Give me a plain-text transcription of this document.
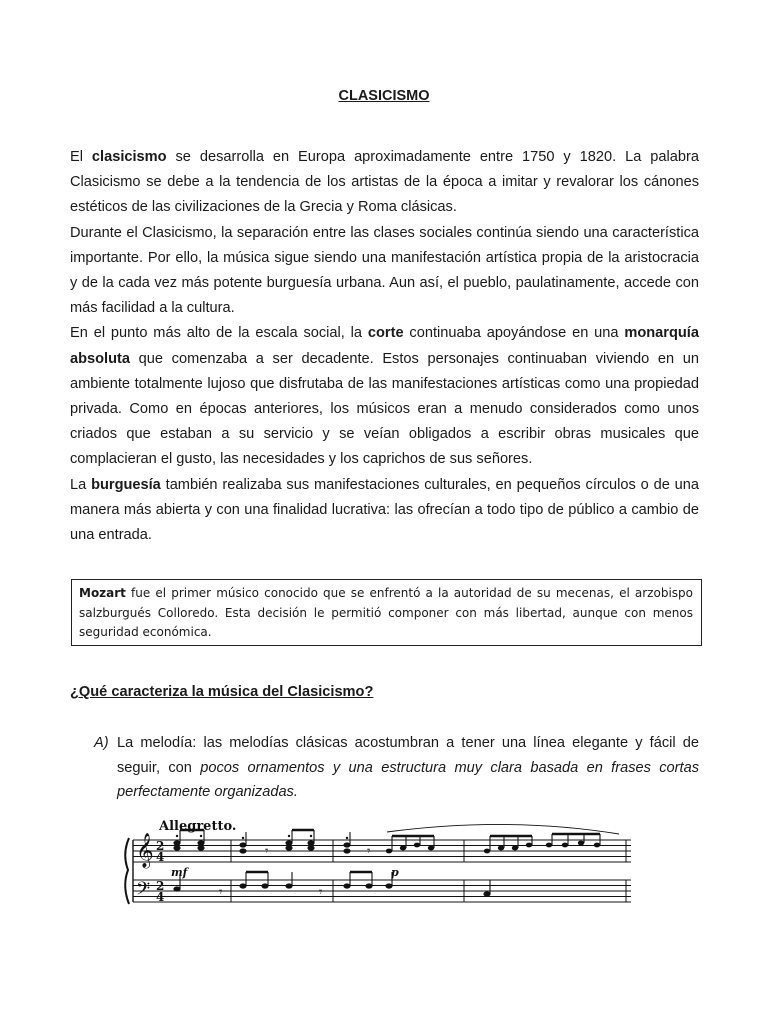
CLASICISMO

El clasicismo se desarrolla en Europa aproximadamente entre 1750 y 1820. La palabra Clasicismo se debe a la tendencia de los artistas de la época a imitar y revalorar los cánones estéticos de las civilizaciones de la Grecia y Roma clásicas.

Durante el Clasicismo, la separación entre las clases sociales continúa siendo una característica importante. Por ello, la música sigue siendo una manifestación artística propia de la aristocracia y de la cada vez más potente burguesía urbana. Aun así, el pueblo, paulatinamente, accede con más facilidad a la cultura.

En el punto más alto de la escala social, la corte continuaba apoyándose en una monarquía absoluta que comenzaba a ser decadente. Estos personajes continuaban viviendo en un ambiente totalmente lujoso que disfrutaba de las manifestaciones artísticas como una propiedad privada. Como en épocas anteriores, los músicos eran a menudo considerados como unos criados que estaban a su servicio y se veían obligados a escribir obras musicales que complacieran el gusto, las necesidades y los caprichos de sus señores.

La burguesía también realizaba sus manifestaciones culturales, en pequeños círculos o de una manera más abierta y con una finalidad lucrativa: las ofrecían a todo tipo de público a cambio de una entrada.

Mozart fue el primer músico conocido que se enfrentó a la autoridad de su mecenas, el arzobispo salzburgués Colloredo. Esta decisión le permitió componer con más libertad, aunque con menos seguridad económica.
¿Qué caracteriza la música del Clasicismo?
A) La melodía: las melodías clásicas acostumbran a tener una línea elegante y fácil de seguir, con pocos ornamentos y una estructura muy clara basada en frases cortas perfectamente organizadas.
Allegretto.
𝄞
𝄢
2
4
2
4
mf	p
𝄾	𝄾
𝄾	𝄾
